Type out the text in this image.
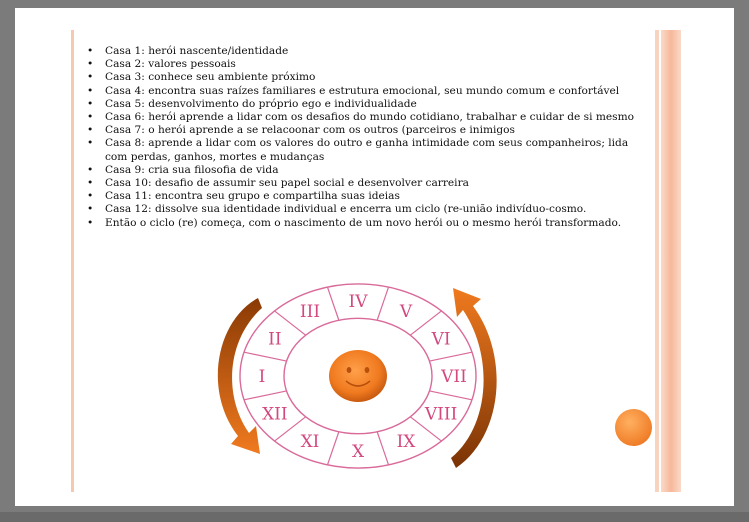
• Casa 1: herói nascente/identidade
• Casa 2: valores pessoais
• Casa 3: conhece seu ambiente próximo
• Casa 4: encontra suas raízes familiares e estrutura emocional, seu mundo comum e confortável
• Casa 5: desenvolvimento do próprio ego e individualidade
• Casa 6: herói aprende a lidar com os desafios do mundo cotidiano, trabalhar e cuidar de si mesmo
• Casa 7: o herói aprende a se relacoonar com os outros (parceiros e inimigos
• Casa 8: aprende a lidar com os valores do outro e ganha intimidade com seus companheiros; lida com perdas, ganhos, mortes e mudanças
• Casa 9: cria sua filosofia de vida
• Casa 10: desafio de assumir seu papel social e desenvolver carreira
• Casa 11: encontra seu grupo e compartilha suas ideias
• Casa 12: dissolve sua identidade individual e encerra um ciclo (re-união indivíduo-cosmo.
• Então o ciclo (re) começa, com o nascimento de um novo herói ou o mesmo herói transformado.
I
II
III
IV
V
VI
VII
VIII
IX
X
XI
XII
